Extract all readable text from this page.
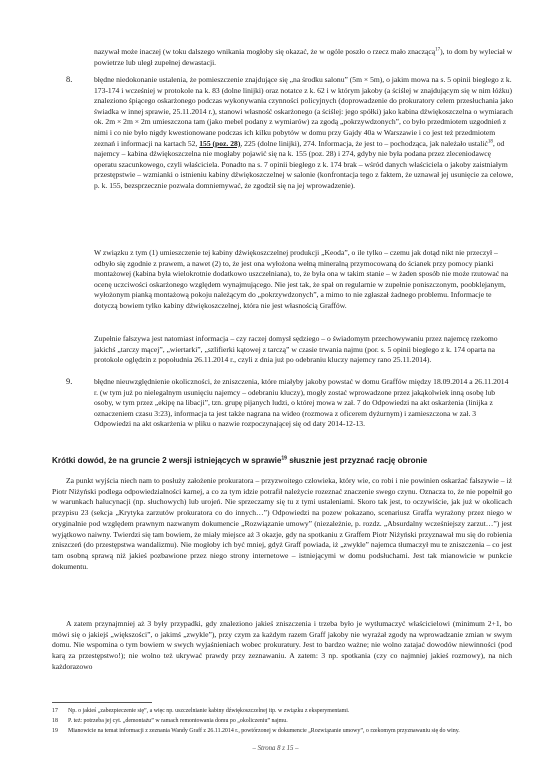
nazywał może inaczej (w toku dalszego wnikania mogłoby się okazać, że w ogóle poszło o rzecz mało znaczącą$^{17}$), to dom by wyleciał w powietrze lub uległ zupełnej dewastacji.

8.	błędne niedokonanie ustalenia, że pomieszczenie znajdujące się „na środku salonu” (5m × 5m), o jakim mowa na s. 5 opinii biegłego z k. 173-174 i wcześniej w protokole na k. 83 (dolne linijki) oraz notatce z k. 62 i w którym jakoby (a ściślej w znajdującym się w nim łóżku) znaleziono śpiącego oskarżonego podczas wykonywania czynności policyjnych (doprowadzenie do prokuratory celem przesłuchania jako świadka w innej sprawie, 25.11.2014 r.), stanowi własność oskarżonego (a ściślej: jego spółki) jako kabina dźwiękoszczelna o wymiarach ok. 2m × 2m × 2m umieszczona tam (jako mebel podany z wymiarów) za zgodą „pokrzywdzonych”, co było przedmiotem uzgodnień z nimi i co nie było nigdy kwestionowane podczas ich kilku pobytów w domu przy Gajdy 40a w Warszawie i co jest też przedmiotem zeznań i informacji na kartach 52, 155 (poz. 28), 225 (dolne linijki), 274. Informacja, że jest to – pochodząca, jak należało ustalić$^{18}$, od najemcy – kabina dźwiękoszczelna nie mogłaby pojawić się na k. 155 (poz. 28) i 274, gdyby nie była podana przez zleceniodawcę operatu szacunkowego, czyli właściciela. Ponadto na s. 7 opinii biegłego z k. 174 brak – wśród danych właściciela o jakoby zaistniałym przestępstwie – wzmianki o istnieniu kabiny dźwiękoszczelnej w salonie (konfrontacja tego z faktem, że uznawał jej usunięcie za celowe, p. k. 155, bezsprzecznie pozwala domniemywać, że zgodził się na jej wprowadzenie).

W związku z tym (1) umieszczenie tej kabiny dźwiękoszczelnej produkcji „Keoda”, o ile tylko – czemu jak dotąd nikt nie przeczył – odbyło się zgodnie z prawem, a nawet (2) to, że jest ona wyłożona wełną mineralną przymocowaną do ścianek przy pomocy pianki montażowej (kabina była wielokrotnie dodatkowo uszczelniana), to, że była ona w takim stanie – w żaden sposób nie może rzutować na ocenę uczciwości oskarżonego względem wynajmującego. Nie jest tak, że spał on regularnie w zupełnie poniszczonym, poobklejanym, wyłożonym pianką montażową pokoju należącym do „pokrzywdzonych”, a mimo to nie zgłaszał żadnego problemu. Informacje te dotyczą bowiem tylko kabiny dźwiękoszczelnej, która nie jest własnością Graffów.

Zupełnie fałszywa jest natomiast informacja – czy raczej domysł sędziego – o świadomym przechowywaniu przez najemcę rzekomo jakichś „tarczy mącej”, „wiertarki”, „szlifierki kątowej z tarczą” w czasie trwania najmu (por. s. 5 opinii biegłego z k. 174 oparta na protokole oględzin z popołudnia 26.11.2014 r., czyli z dnia już po odebraniu kluczy najemcy rano 25.11.2014).

9.	błędne nieuwzględnienie okoliczności, że zniszczenia, które miałyby jakoby powstać w domu Graffów między 18.09.2014 a 26.11.2014 r. (w tym już po nielegalnym usunięciu najemcy – odebraniu kluczy), mogły zostać wprowadzone przez jakąkolwiek inną osobę lub osoby, w tym przez „ekipę na libacji”, tzn. grupę pijanych ludzi, o której mowa w zał. 7 do Odpowiedzi na akt oskarżenia (linijka z oznaczeniem czasu 3:23), informacja ta jest także nagrana na wideo (rozmowa z oficerem dyżurnym) i zamieszczona w zał. 3 Odpowiedzi na akt oskarżenia w pliku o nazwie rozpoczynającej się od daty 2014-12-13.

Krótki dowód, że na gruncie 2 wersji istniejących w sprawie$^{19}$ słusznie jest przyznać rację obronie

Za punkt wyjścia niech nam to posłuży założenie prokuratora – przyzwoitego człowieka, który wie, co robi i nie powinien oskarżać fałszywie – iż Piotr Niżyński podlega odpowiedzialności karnej, a co za tym idzie potrafił należycie rozeznać znaczenie swego czynu. Oznacza to, że nie popełnił go w warunkach halucynacji (np. słuchowych) lub urojeń. Nie sprzeczamy się tu z tymi ustaleniami. Skoro tak jest, to oczywiście, jak już w okolicach przypisu 23 (sekcja „Krytyka zarzutów prokuratora co do innych…”) Odpowiedzi na pozew pokazano, scenariusz Graffa wyrażony przez niego w oryginalnie pod względem prawnym nazwanym dokumencie „Rozwiązanie umowy” (niezależnie, p. rozdz. „Absurdalny wcześniejszy zarzut…”) jest wyjątkowo naiwny. Twierdzi się tam bowiem, że miały miejsce aż 3 okazje, gdy na spotkaniu z Graffem Piotr Niżyński przyznawał mu się do robienia zniszczeń (do przestępstwa wandalizmu). Nie mogłoby ich być mniej, gdyż Graff powiada, iż „zwykle” najemca tłumaczył mu te zniszczenia – co jest tam osobną sprawą niż jakieś pozbawione przez niego strony internetowe – istniejącymi w domu podsłuchami. Jest tak mianowicie w punkcie dokumentu.

A zatem przynajmniej aż 3 były przypadki, gdy znaleziono jakieś zniszczenia i trzeba było je wytłumaczyć właścicielowi (minimum 2+1, bo mówi się o jakiejś „większości”, o jakimś „zwykle”), przy czym za każdym razem Graff jakoby nie wyrażał zgody na wprowadzanie zmian w swym domu. Nie wspomina o tym bowiem w swych wyjaśnieniach wobec prokuratury. Jest to bardzo ważne; nie wolno zatajać dowodów niewinności (pod karą za przestępstwo!); nie wolno też ukrywać prawdy przy zeznawaniu. A zatem: 3 np. spotkania (czy co najmniej jakieś rozmowy), na nich każdorazowo

17 Np. o jakieś „zabezpieczenie się”, a więc np. uszczelnianie kabiny dźwiękoszczelnej itp. w związku z eksperymentami.

18 P. też: potrzeba jej cyt. „demontażu” w ramach remontowania domu po „okoliczeniu” najmu.

19 Mianowicie na temat informacji z zeznania Wandy Graff z 26.11.2014 r., powtórzonej w dokumencie „Rozwiązanie umowy”, o rzekomym przyznawaniu się do winy.

– Strona 8 z 15 –
